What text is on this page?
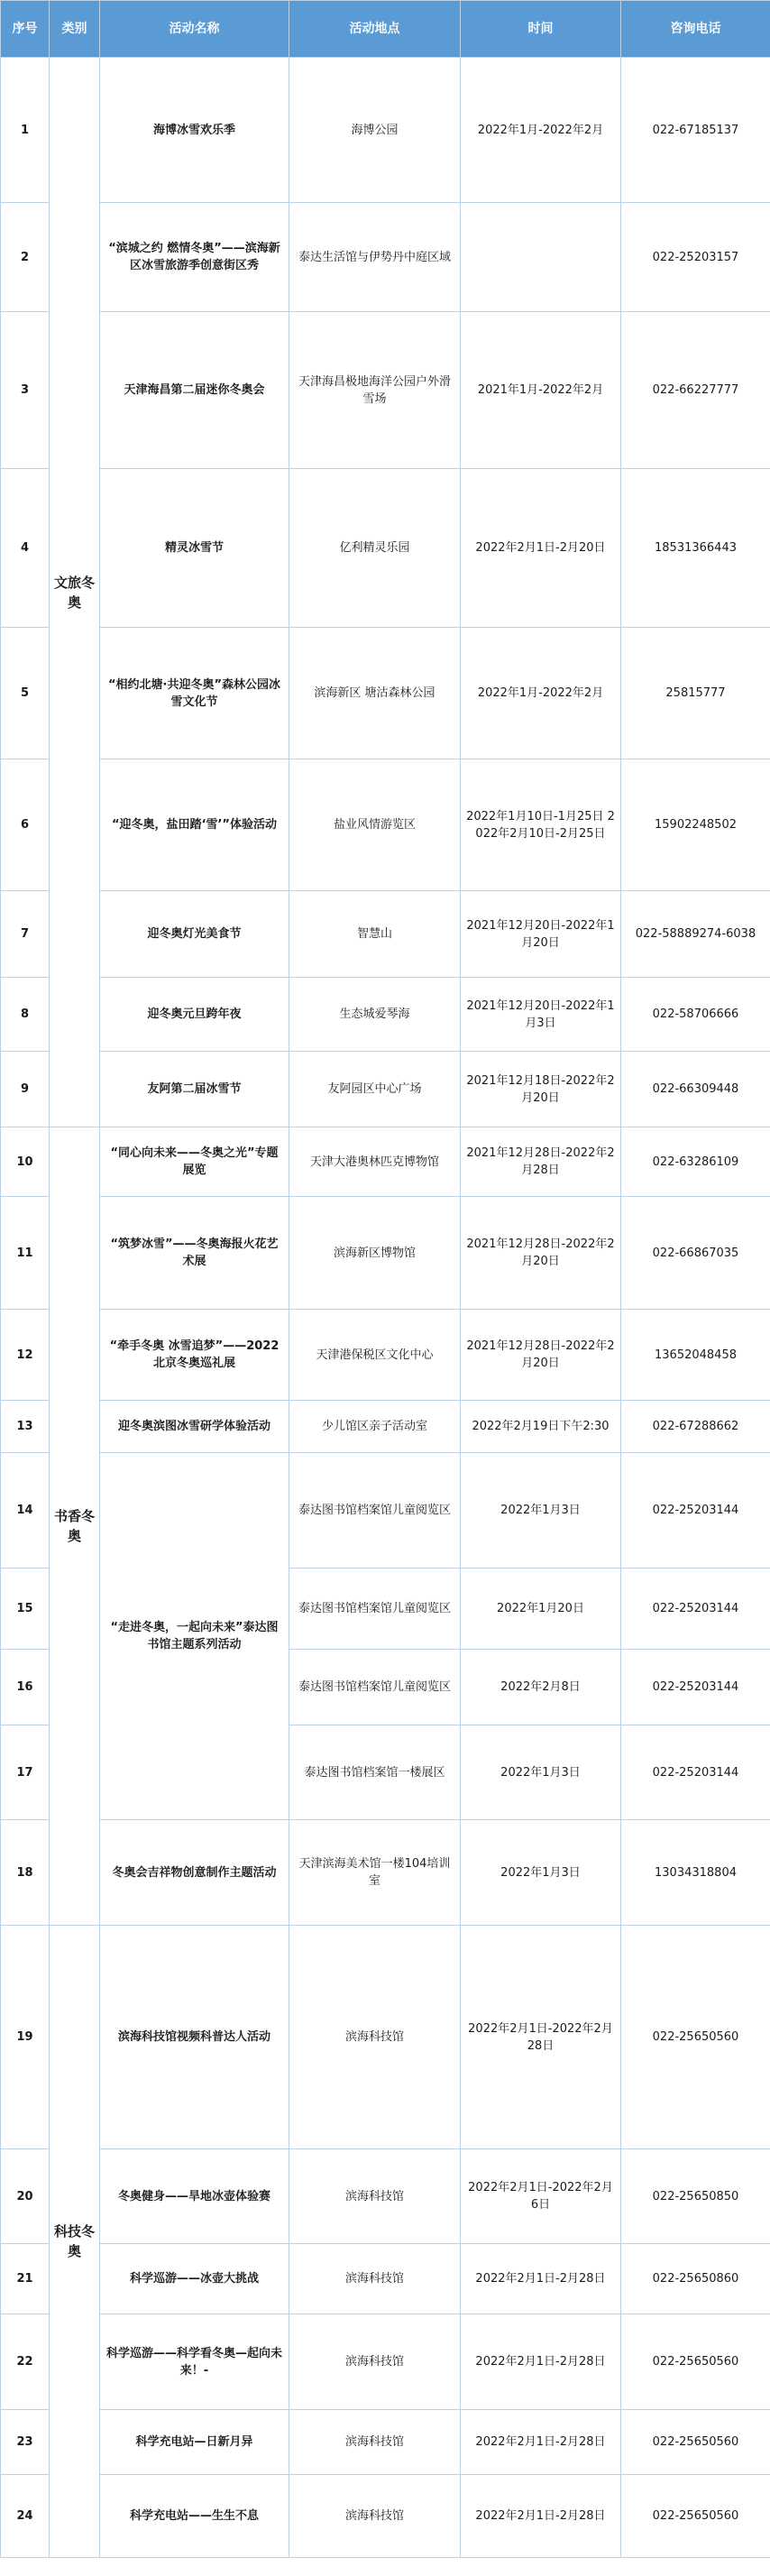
序号	类别	活动名称	活动地点	时间	咨询电话
1	文旅冬奥	海博冰雪欢乐季	海博公园	2022年1月-2022年2月	022-67185137
2		“滨城之约 燃情冬奥”——滨海新区冰雪旅游季创意街区秀	泰达生活馆与伊势丹中庭区域		022-25203157
3		天津海昌第二届迷你冬奥会	天津海昌极地海洋公园户外滑雪场	2021年1月-2022年2月	022-66227777
4		精灵冰雪节	亿利精灵乐园	2022年2月1日-2月20日	18531366443
5		“相约北塘·共迎冬奥”森林公园冰雪文化节	滨海新区 塘沽森林公园	2022年1月-2022年2月	25815777
6		“迎冬奥，盐田踏‘雪’”体验活动	盐业风情游览区	2022年1月10日-1月25日 2022年2月10日-2月25日	15902248502
7		迎冬奥灯光美食节	智慧山	2021年12月20日-2022年1月20日	022-58889274-6038
8		迎冬奥元旦跨年夜	生态城爱琴海	2021年12月20日-2022年1月3日	022-58706666
9		友阿第二届冰雪节	友阿园区中心广场	2021年12月18日-2022年2月20日	022-66309448
10	书香冬奥	“同心向未来——冬奥之光”专题展览	天津大港奥林匹克博物馆	2021年12月28日-2022年2月28日	022-63286109
11		“筑梦冰雪”——冬奥海报火花艺术展	滨海新区博物馆	2021年12月28日-2022年2月20日	022-66867035
12		“牵手冬奥 冰雪追梦”——2022北京冬奥巡礼展	天津港保税区文化中心	2021年12月28日-2022年2月20日	13652048458
13		迎冬奥滨图冰雪研学体验活动	少儿馆区亲子活动室	2022年2月19日下午2:30	022-67288662
14		“走进冬奥，一起向未来”泰达图书馆主题系列活动	泰达图书馆档案馆儿童阅览区	2022年1月3日	022-25203144
15			泰达图书馆档案馆儿童阅览区	2022年1月20日	022-25203144
16			泰达图书馆档案馆儿童阅览区	2022年2月8日	022-25203144
17			泰达图书馆档案馆一楼展区	2022年1月3日	022-25203144
18		冬奥会吉祥物创意制作主题活动	天津滨海美术馆一楼104培训室	2022年1月3日	13034318804
19	科技冬奥	滨海科技馆视频科普达人活动	滨海科技馆	2022年2月1日-2022年2月28日	022-25650560
20		冬奥健身——旱地冰壶体验赛	滨海科技馆	2022年2月1日-2022年2月6日	022-25650850
21		科学巡游——冰壶大挑战	滨海科技馆	2022年2月1日-2月28日	022-25650860
22		科学巡游——科学看冬奥—起向未来！-	滨海科技馆	2022年2月1日-2月28日	022-25650560
23		科学充电站—日新月异	滨海科技馆	2022年2月1日-2月28日	022-25650560
24		科学充电站——生生不息	滨海科技馆	2022年2月1日-2月28日	022-25650560
